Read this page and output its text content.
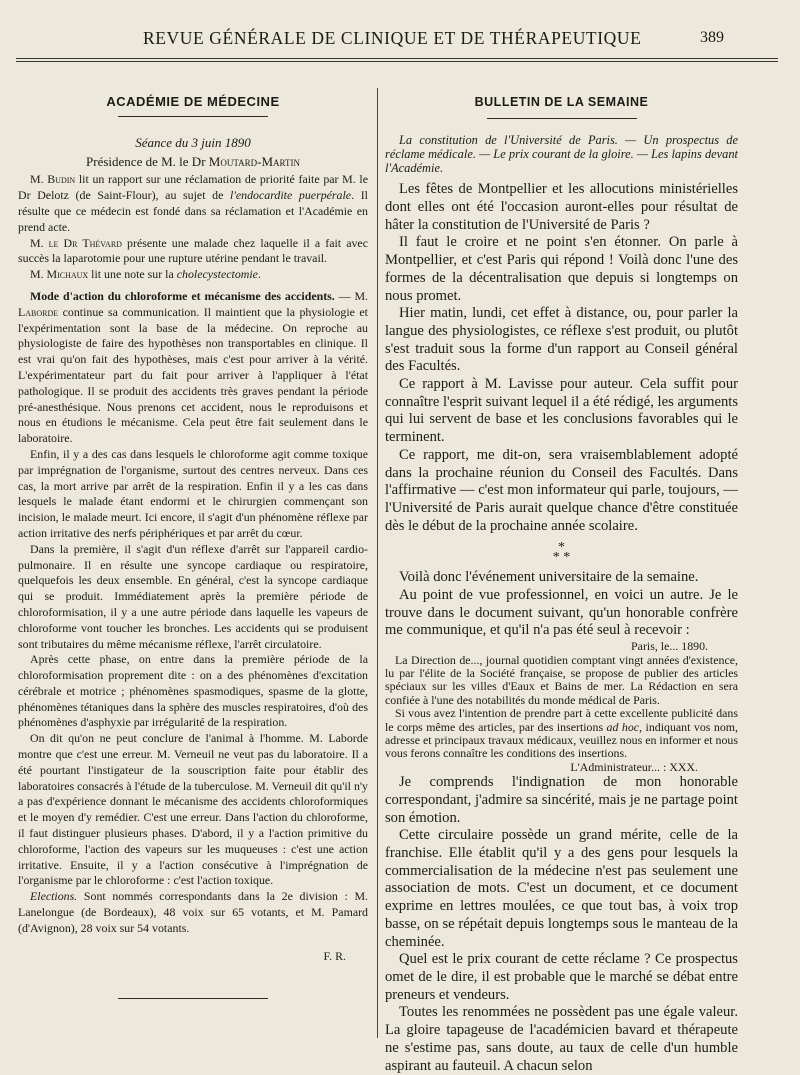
REVUE GÉNÉRALE DE CLINIQUE ET DE THÉRAPEUTIQUE	389
ACADÉMIE DE MÉDECINE
Séance du 3 juin 1890
Présidence de M. le Dr Moutard-Martin

M. Budin lit un rapport sur une réclamation de priorité faite par M. le Dr Delotz (de Saint-Flour), au sujet de l'endocardite puerpérale. Il résulte que ce médecin est fondé dans sa réclamation et l'Académie en prend acte.

M. le Dr Thévard présente une malade chez laquelle il a fait avec succès la laparotomie pour une rupture utérine pendant le travail.

M. Michaux lit une note sur la cholecystectomie.

Mode d'action du chloroforme et mécanisme des accidents. — M. Laborde continue sa communication. Il maintient que la physiologie et l'expérimentation sont la base de la médecine. On reproche au physiologiste de faire des hypothèses non transportables en clinique. Il est vrai qu'on fait des hypothèses, mais c'est pour arriver à la vérité. L'expérimentateur part du fait pour arriver à l'appliquer à l'état pathologique. Il se produit des accidents très graves pendant la période pré-anesthésique. Nous prenons cet accident, nous le reproduisons et nous en étudions le mécanisme. Cela peut être fait seulement dans le laboratoire.

Enfin, il y a des cas dans lesquels le chloroforme agit comme toxique par imprégnation de l'organisme, surtout des centres nerveux. Dans ces cas, la mort arrive par arrêt de la respiration. Enfin il y a les cas dans lesquels le malade étant endormi et le chirurgien commençant son incision, le malade meurt. Ici encore, il s'agit d'un phénomène réflexe par action irritative des nerfs périphériques et par arrêt du cœur.

Dans la première, il s'agit d'un réflexe d'arrêt sur l'appareil cardio-pulmonaire. Il en résulte une syncope cardiaque ou respiratoire, quelquefois les deux ensemble. En général, c'est la syncope cardiaque qui se produit. Immédiatement après la première période de chloroformisation, il y a une autre période dans laquelle les vapeurs de chloroforme vont toucher les bronches. Les accidents qui se produisent sont tributaires du même mécanisme réflexe, l'arrêt circulatoire.

Après cette phase, on entre dans la première période de la chloroformisation proprement dite : on a des phénomènes d'excitation cérébrale et motrice ; phénomènes spasmodiques, spasme de la glotte, phénomènes tétaniques dans la sphère des muscles respiratoires, d'où des phénomènes d'asphyxie par irrégularité de la respiration.

On dit qu'on ne peut conclure de l'animal à l'homme. M. Laborde montre que c'est une erreur. M. Verneuil ne veut pas du laboratoire. Il a été pourtant l'instigateur de la souscription faite pour établir des laboratoires consacrés à l'étude de la tuberculose. M. Verneuil dit qu'il n'y a pas d'expérience donnant le mécanisme des accidents chloroformiques et le moyen d'y remédier. C'est une erreur. Dans l'action du chloroforme, il faut distinguer plusieurs phases. D'abord, il y a l'action primitive du chloroforme, l'action des vapeurs sur les muqueuses : c'est une action irritative. Ensuite, il y a l'action consécutive à l'imprégnation de l'organisme par le chloroforme : c'est l'action toxique.

Elections. Sont nommés correspondants dans la 2e division : M. Lanelongue (de Bordeaux), 48 voix sur 65 votants, et M. Pamard (d'Avignon), 28 voix sur 54 votants.

F. R.
BULLETIN DE LA SEMAINE

La constitution de l'Université de Paris. — Un prospectus de réclame médicale. — Le prix courant de la gloire. — Les lapins devant l'Académie.

Les fêtes de Montpellier et les allocutions ministérielles dont elles ont été l'occasion auront-elles pour résultat de hâter la constitution de l'Université de Paris ?

Il faut le croire et ne point s'en étonner. On parle à Montpellier, et c'est Paris qui répond ! Voilà donc l'une des formes de la décentralisation que depuis si longtemps on nous promet.

Hier matin, lundi, cet effet à distance, ou, pour parler la langue des physiologistes, ce réflexe s'est produit, ou plutôt s'est traduit sous la forme d'un rapport au Conseil général des Facultés.

Ce rapport à M. Lavisse pour auteur. Cela suffit pour connaître l'esprit suivant lequel il a été rédigé, les arguments qui lui servent de base et les conclusions favorables qui le terminent.

Ce rapport, me dit-on, sera vraisemblablement adopté dans la prochaine réunion du Conseil des Facultés. Dans l'affirmative — c'est mon informateur qui parle, toujours, — l'Université de Paris aurait quelque chance d'être constituée dès le début de la prochaine année scolaire.

*
* *

Voilà donc l'événement universitaire de la semaine.

Au point de vue professionnel, en voici un autre. Je le trouve dans le document suivant, qu'un honorable confrère me communique, et qu'il n'a pas été seul à recevoir :

Paris, le... 1890.

La Direction de..., journal quotidien comptant vingt années d'existence, lu par l'élite de la Société française, se propose de publier des articles spéciaux sur les villes d'Eaux et Bains de mer. La Rédaction en sera confiée à l'une des notabilités du monde médical de Paris.

Si vous avez l'intention de prendre part à cette excellente publicité dans le corps même des articles, par des insertions ad hoc, indiquant vos nom, adresse et principaux travaux médicaux, veuillez nous en informer et nous vous ferons connaître les conditions des insertions.

L'Administrateur... : XXX.

Je comprends l'indignation de mon honorable correspondant, j'admire sa sincérité, mais je ne partage point son émotion.

Cette circulaire possède un grand mérite, celle de la franchise. Elle établit qu'il y a des gens pour lesquels la commercialisation de la médecine n'est pas seulement une association de mots. C'est un document, et ce document exprime en lettres moulées, ce que tout bas, à voix trop basse, on se répétait depuis longtemps sous le manteau de la cheminée.

Quel est le prix courant de cette réclame ? Ce prospectus omet de le dire, il est probable que le marché se débat entre preneurs et vendeurs.

Toutes les renommées ne possèdent pas une égale valeur. La gloire tapageuse de l'académicien bavard et thérapeute ne s'estime pas, sans doute, au taux de celle d'un humble aspirant au fauteuil. A chacun selon
